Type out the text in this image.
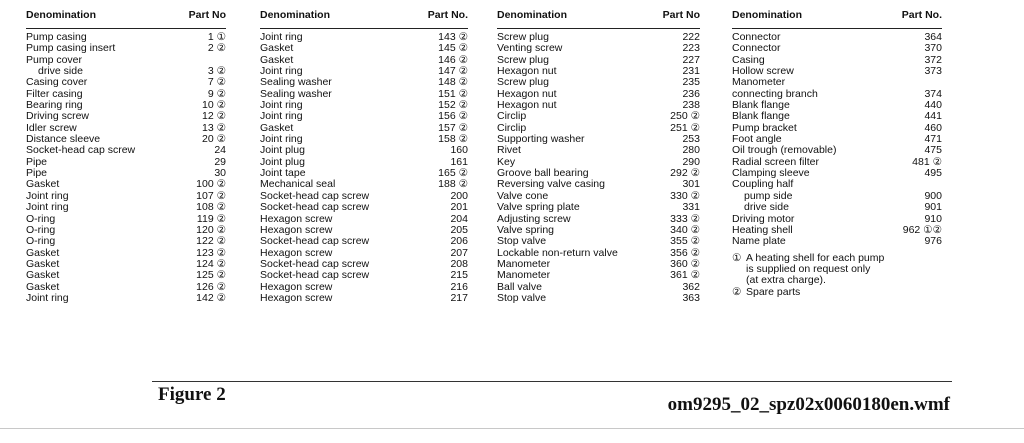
Denomination	Part No
Pump casing	1 ①
Pump casing insert	2 ②
Pump cover
drive side	3 ②
Casing cover	7 ②
Filter casing	9 ②
Bearing ring	10 ②
Driving screw	12 ②
Idler screw	13 ②
Distance sleeve	20 ②
Socket-head cap screw	24
Pipe	29
Pipe	30
Gasket	100 ②
Joint ring	107 ②
Joint ring	108 ②
O-ring	119 ②
O-ring	120 ②
O-ring	122 ②
Gasket	123 ②
Gasket	124 ②
Gasket	125 ②
Gasket	126 ②
Joint ring	142 ②
Denomination	Part No.
Joint ring	143 ②
Gasket	145 ②
Gasket	146 ②
Joint ring	147 ②
Sealing washer	148 ②
Sealing washer	151 ②
Joint ring	152 ②
Joint ring	156 ②
Gasket	157 ②
Joint ring	158 ②
Joint plug	160
Joint plug	161
Joint tape	165 ②
Mechanical seal	188 ②
Socket-head cap screw	200
Socket-head cap screw	201
Hexagon screw	204
Hexagon screw	205
Socket-head cap screw	206
Hexagon screw	207
Socket-head cap screw	208
Socket-head cap screw	215
Hexagon screw	216
Hexagon screw	217
Denomination	Part No
Screw plug	222
Venting screw	223
Screw plug	227
Hexagon nut	231
Screw plug	235
Hexagon nut	236
Hexagon nut	238
Circlip	250 ②
Circlip	251 ②
Supporting washer	253
Rivet	280
Key	290
Groove ball bearing	292 ②
Reversing valve casing	301
Valve cone	330 ②
Valve spring plate	331
Adjusting screw	333 ②
Valve spring	340 ②
Stop valve	355 ②
Lockable non-return valve	356 ②
Manometer	360 ②
Manometer	361 ②
Ball valve	362
Stop valve	363
Denomination	Part No.
Connector	364
Connector	370
Casing	372
Hollow screw	373
Manometer
connecting branch	374
Blank flange	440
Blank flange	441
Pump bracket	460
Foot angle	471
Oil trough (removable)	475
Radial screen filter	481 ②
Clamping sleeve	495
Coupling half
pump side	900
drive side	901
Driving motor	910
Heating shell	962 ①②
Name plate	976
① A heating shell for each pump
is supplied on request only
(at extra charge).
② Spare parts
Figure 2	om9295_02_spz02x0060180en.wmf
